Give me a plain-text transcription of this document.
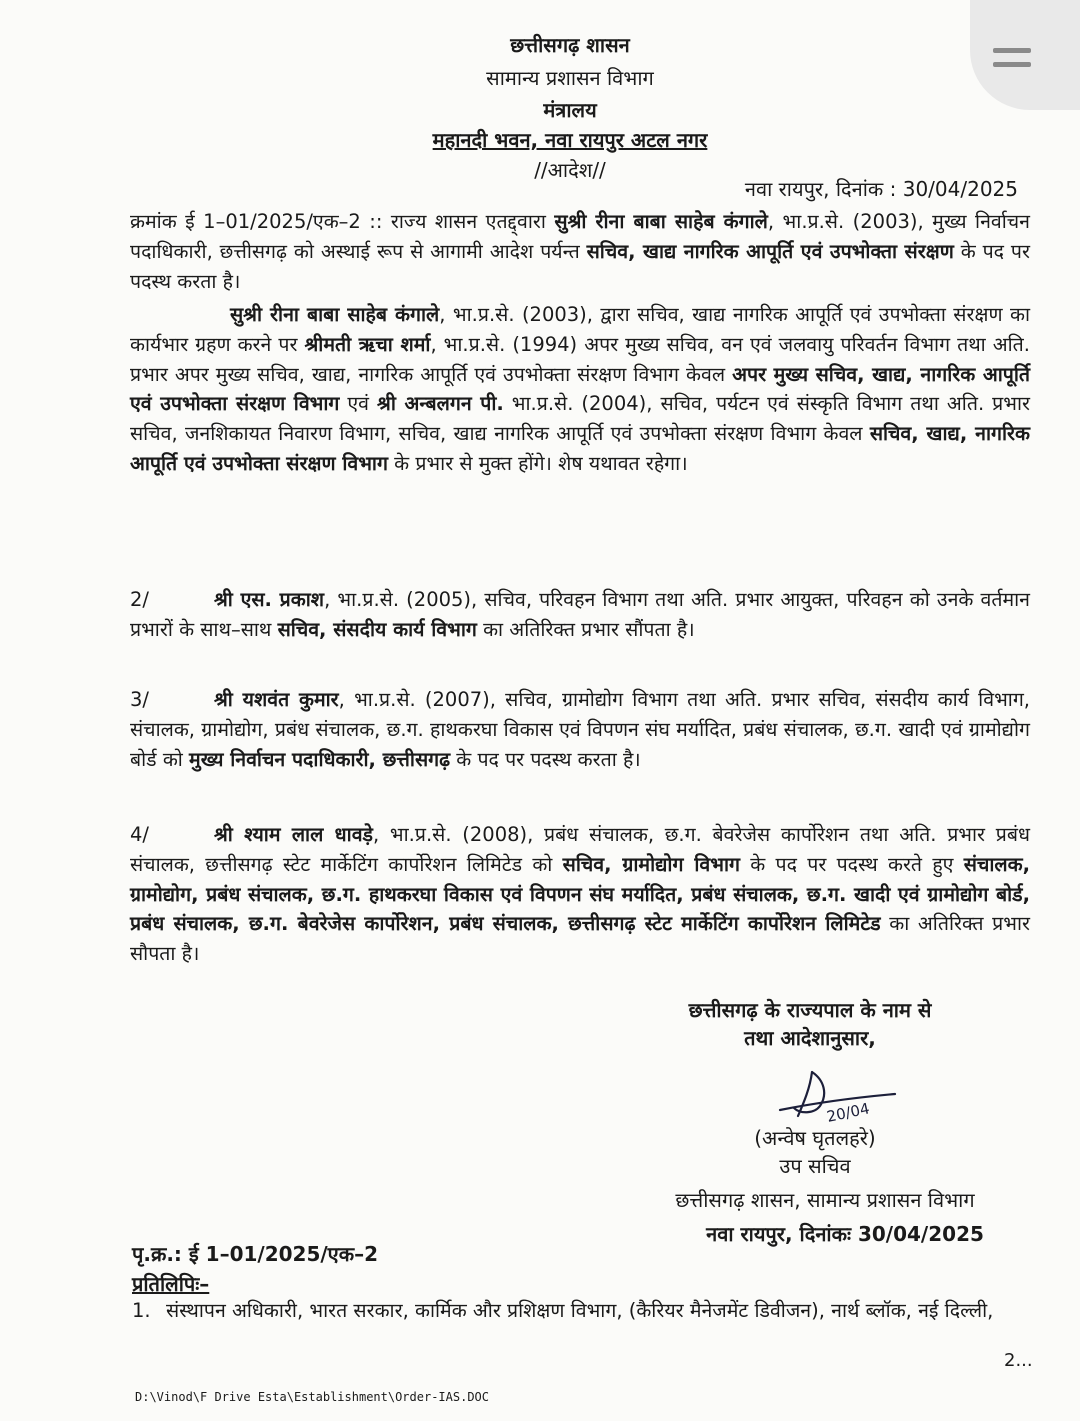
छत्तीसगढ़ शासन
सामान्य प्रशासन विभाग
मंत्रालय
महानदी भवन, नवा रायपुर अटल नगर
//आदेश//
नवा रायपुर, दिनांक : 30/04/2025
क्रमांक ई 1–01/2025/एक–2 :: राज्य शासन एतद्द्वारा सुश्री रीना बाबा साहेब कंगाले, भा.प्र.से. (2003), मुख्य निर्वाचन पदाधिकारी, छत्तीसगढ़ को अस्थाई रूप से आगामी आदेश पर्यन्त सचिव, खाद्य नागरिक आपूर्ति एवं उपभोक्ता संरक्षण के पद पर पदस्थ करता है।
सुश्री रीना बाबा साहेब कंगाले, भा.प्र.से. (2003), द्वारा सचिव, खाद्य नागरिक आपूर्ति एवं उपभोक्ता संरक्षण का कार्यभार ग्रहण करने पर श्रीमती ऋचा शर्मा, भा.प्र.से. (1994) अपर मुख्य सचिव, वन एवं जलवायु परिवर्तन विभाग तथा अति. प्रभार अपर मुख्य सचिव, खाद्य, नागरिक आपूर्ति एवं उपभोक्ता संरक्षण विभाग केवल अपर मुख्य सचिव, खाद्य, नागरिक आपूर्ति एवं उपभोक्ता संरक्षण विभाग एवं श्री अन्बलगन पी. भा.प्र.से. (2004), सचिव, पर्यटन एवं संस्कृति विभाग तथा अति. प्रभार सचिव, जनशिकायत निवारण विभाग, सचिव, खाद्य नागरिक आपूर्ति एवं उपभोक्ता संरक्षण विभाग केवल सचिव, खाद्य, नागरिक आपूर्ति एवं उपभोक्ता संरक्षण विभाग के प्रभार से मुक्त होंगे। शेष यथावत रहेगा।
2/	श्री एस. प्रकाश, भा.प्र.से. (2005), सचिव, परिवहन विभाग तथा अति. प्रभार आयुक्त, परिवहन को उनके वर्तमान प्रभारों के साथ–साथ सचिव, संसदीय कार्य विभाग का अतिरिक्त प्रभार सौंपता है।
3/	श्री यशवंत कुमार, भा.प्र.से. (2007), सचिव, ग्रामोद्योग विभाग तथा अति. प्रभार सचिव, संसदीय कार्य विभाग, संचालक, ग्रामोद्योग, प्रबंध संचालक, छ.ग. हाथकरघा विकास एवं विपणन संघ मर्यादित, प्रबंध संचालक, छ.ग. खादी एवं ग्रामोद्योग बोर्ड को मुख्य निर्वाचन पदाधिकारी, छत्तीसगढ़ के पद पर पदस्थ करता है।
4/	श्री श्याम लाल धावड़े, भा.प्र.से. (2008), प्रबंध संचालक, छ.ग. बेवरेजेस कार्पोरेशन तथा अति. प्रभार प्रबंध संचालक, छत्तीसगढ़ स्टेट मार्केटिंग कार्पोरेशन लिमिटेड को सचिव, ग्रामोद्योग विभाग के पद पर पदस्थ करते हुए संचालक, ग्रामोद्योग, प्रबंध संचालक, छ.ग. हाथकरघा विकास एवं विपणन संघ मर्यादित, प्रबंध संचालक, छ.ग. खादी एवं ग्रामोद्योग बोर्ड, प्रबंध संचालक, छ.ग. बेवरेजेस कार्पोरेशन, प्रबंध संचालक, छत्तीसगढ़ स्टेट मार्केटिंग कार्पोरेशन लिमिटेड का अतिरिक्त प्रभार सौपता है।
छत्तीसगढ़ के राज्यपाल के नाम से
तथा आदेशानुसार,
20/04
(अन्वेष घृतलहरे)
उप सचिव
छत्तीसगढ़ शासन, सामान्य प्रशासन विभाग
नवा रायपुर, दिनांकः 30/04/2025
पृ.क्र.: ई 1–01/2025/एक–2
प्रतिलिपिः–
1. संस्थापन अधिकारी, भारत सरकार, कार्मिक और प्रशिक्षण विभाग, (कैरियर मैनेजमेंट डिवीजन), नार्थ ब्लॉक, नई दिल्ली,
2...
D:\Vinod\F Drive Esta\Establishment\Order-IAS.DOC
